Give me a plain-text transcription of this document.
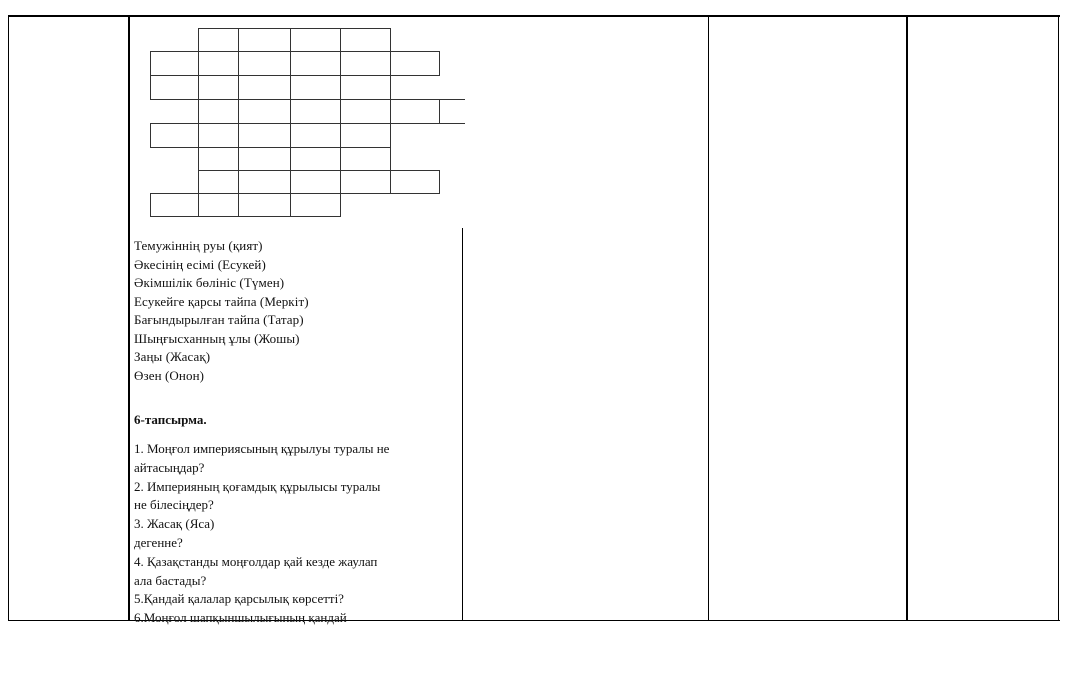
Темужіннің руы (қият)
Әкесінің есімі (Есукей)
Әкімшілік бөлініс (Түмен)
Есукейге қарсы тайпа (Меркіт)
Бағындырылған тайпа (Татар)
Шыңғысханның ұлы (Жошы)
Заңы (Жасақ)
Өзен (Онон)
6-тапсырма.
1. Моңғол империясының құрылуы туралы не
айтасыңдар?
2. Империяның қоғамдық құрылысы туралы
не білесіңдер?
3. Жасақ (Яса)
дегенне?
4. Қазақстанды моңғолдар қай кезде жаулап
ала бастады?
5.Қандай қалалар қарсылық көрсетті?
6.Моңғол шапқыншылығының қандай
